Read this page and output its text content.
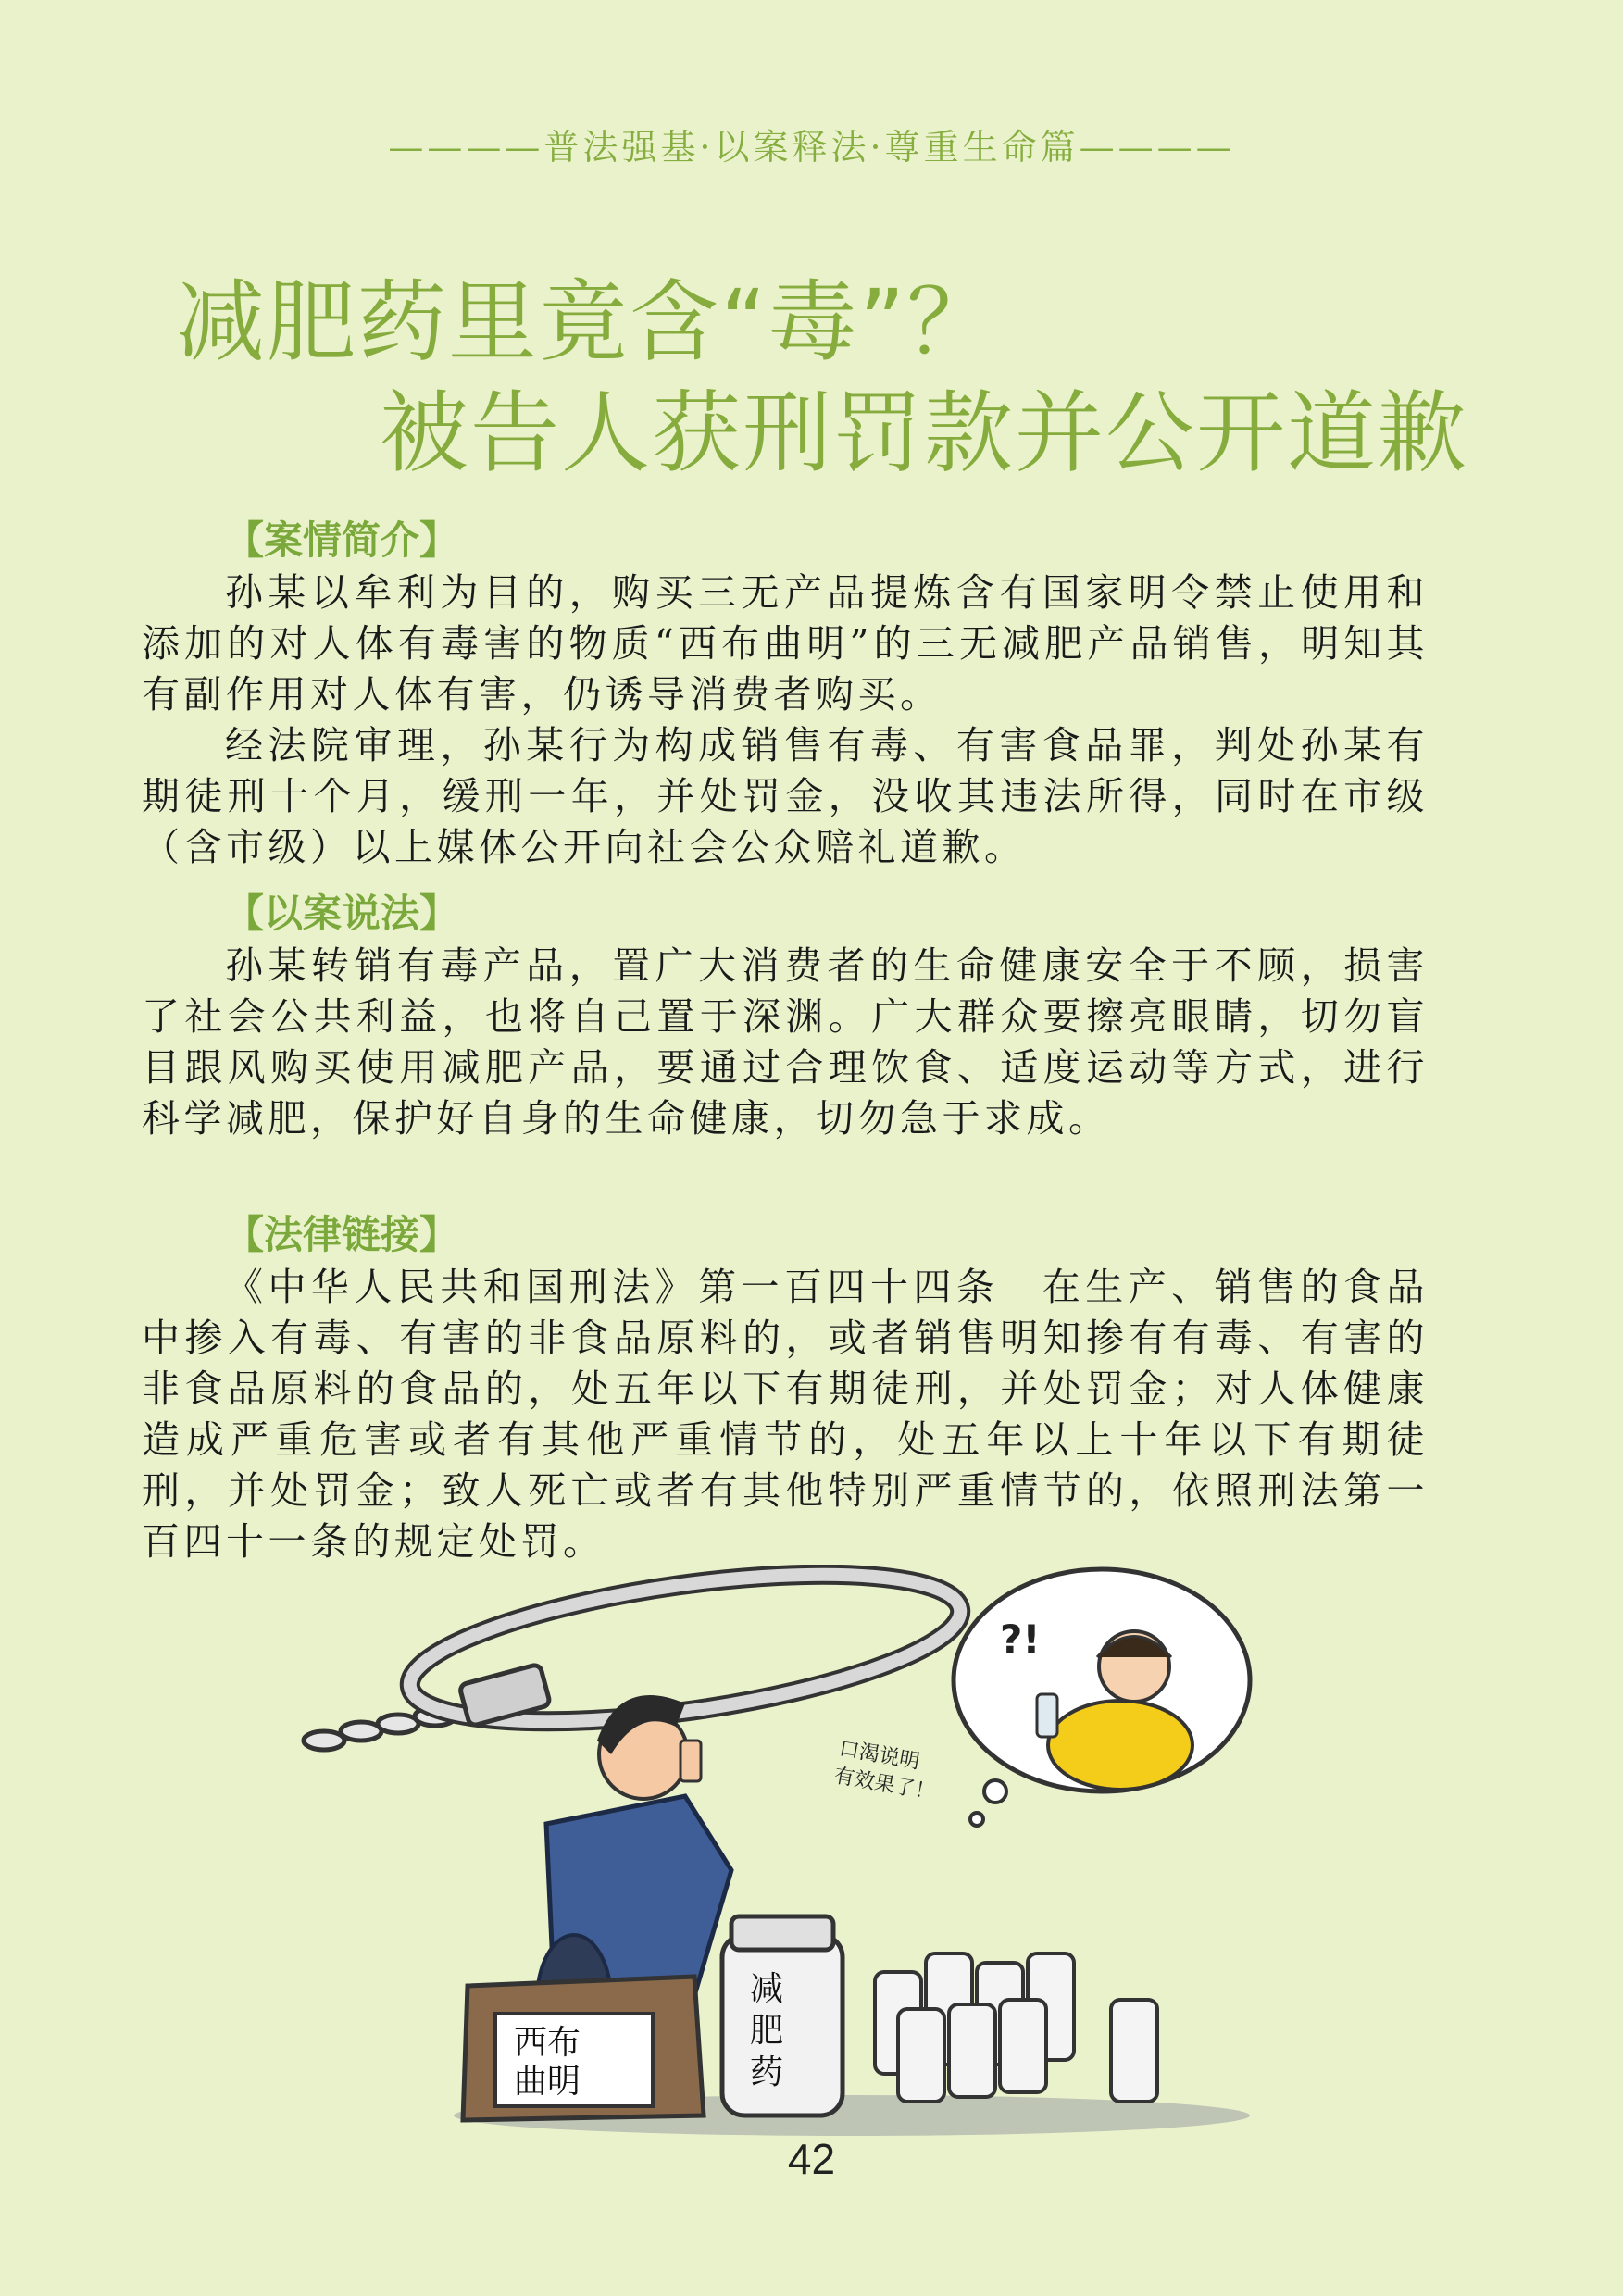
————普法强基·以案释法·尊重生命篇————
减肥药里竟含“毒”？
被告人获刑罚款并公开道歉
【案情简介】

孙某以牟利为目的，购买三无产品提炼含有国家明令禁止使用和添加的对人体有毒害的物质“西布曲明”的三无减肥产品销售，明知其有副作用对人体有害，仍诱导消费者购买。

经法院审理，孙某行为构成销售有毒、有害食品罪，判处孙某有期徒刑十个月，缓刑一年，并处罚金，没收其违法所得，同时在市级（含市级）以上媒体公开向社会公众赔礼道歉。

【以案说法】

孙某转销有毒产品，置广大消费者的生命健康安全于不顾，损害了社会公共利益，也将自己置于深渊。广大群众要擦亮眼睛，切勿盲目跟风购买使用减肥产品，要通过合理饮食、适度运动等方式，进行科学减肥，保护好自身的生命健康，切勿急于求成。

【法律链接】

《中华人民共和国刑法》第一百四十四条　在生产、销售的食品中掺入有毒、有害的非食品原料的，或者销售明知掺有有毒、有害的非食品原料的食品的，处五年以下有期徒刑，并处罚金；对人体健康造成严重危害或者有其他严重情节的，处五年以上十年以下有期徒刑，并处罚金；致人死亡或者有其他特别严重情节的，依照刑法第一百四十一条的规定处罚。

?!
口渴说明
有效果了！
西布
曲明
减
肥
药
42
